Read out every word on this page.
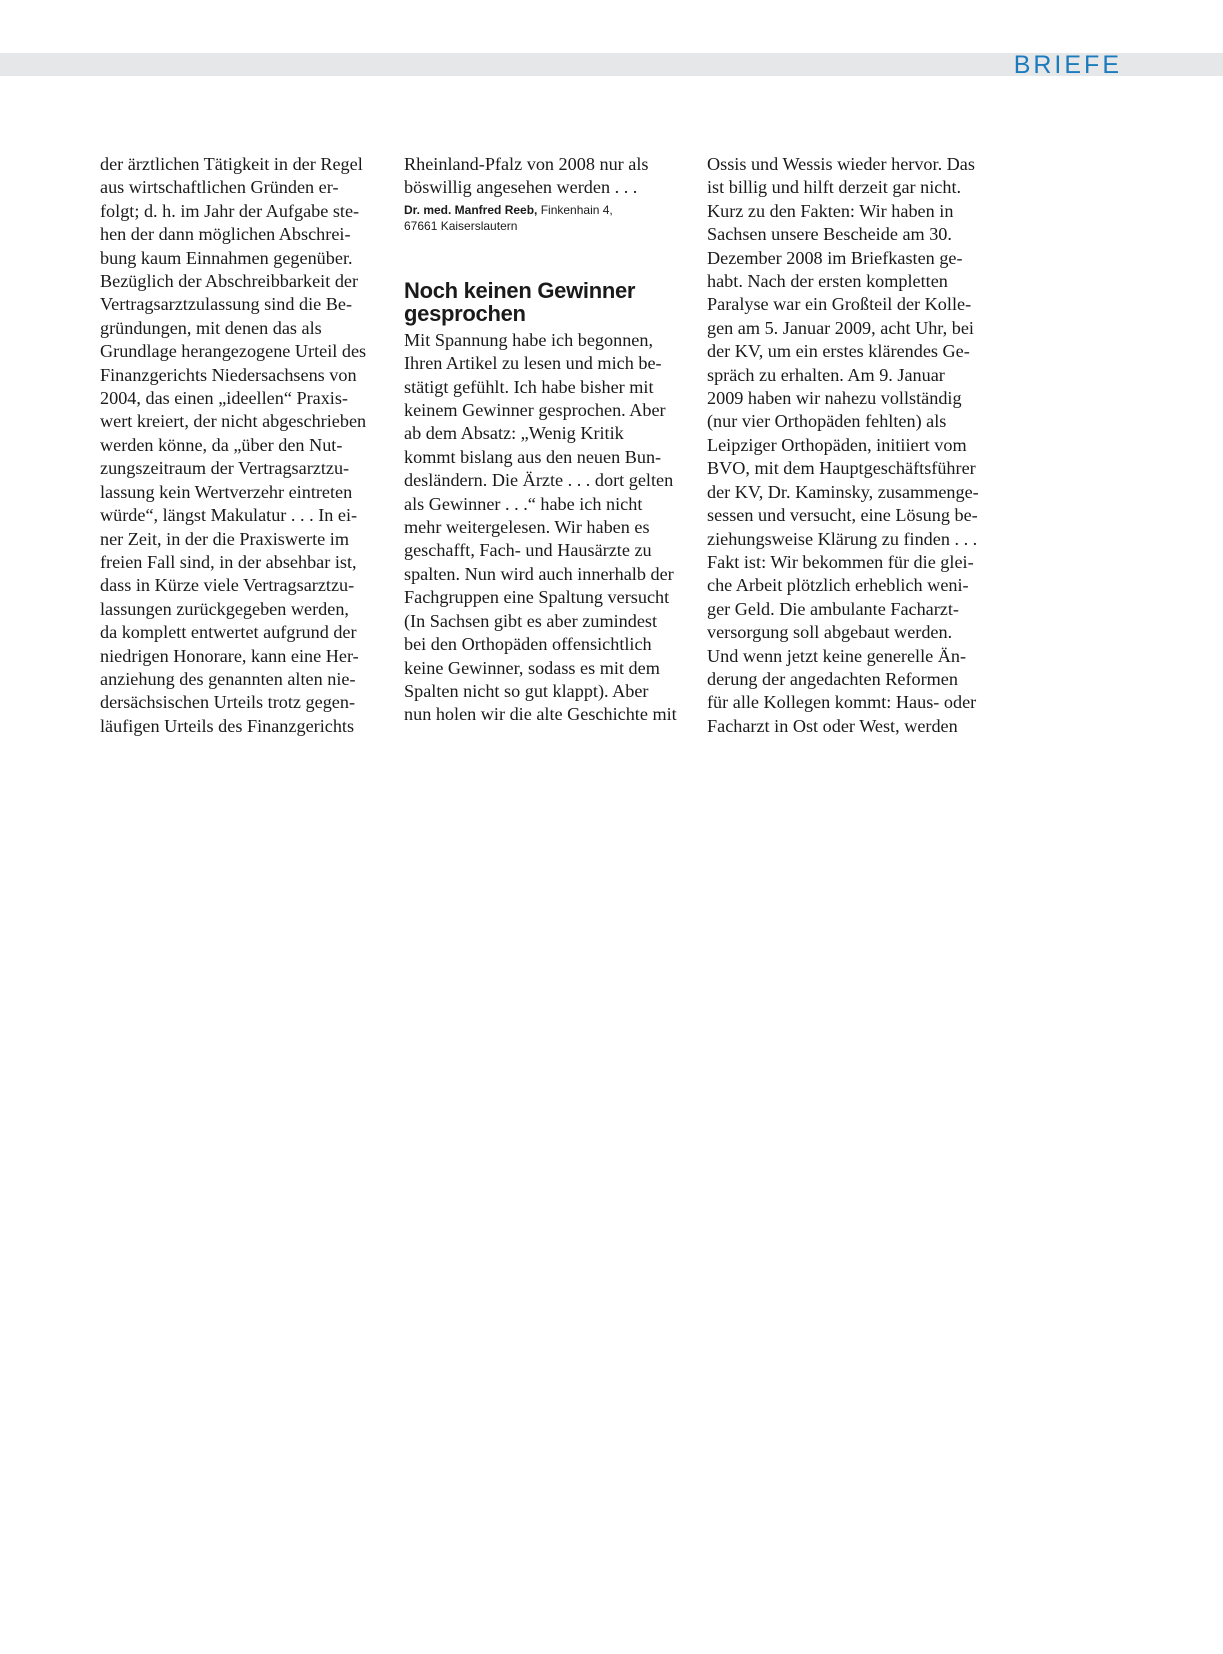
BRIEFE
der ärztlichen Tätigkeit in der Regel
aus wirtschaftlichen Gründen er-
folgt; d. h. im Jahr der Aufgabe ste-
hen der dann möglichen Abschrei-
bung kaum Einnahmen gegenüber.
Bezüglich der Abschreibbarkeit der
Vertragsarztzulassung sind die Be-
gründungen, mit denen das als
Grundlage herangezogene Urteil des
Finanzgerichts Niedersachsens von
2004, das einen „ideellen“ Praxis-
wert kreiert, der nicht abgeschrieben
werden könne, da „über den Nut-
zungszeitraum der Vertragsarztzu-
lassung kein Wertverzehr eintreten
würde“, längst Makulatur . . . In ei-
ner Zeit, in der die Praxiswerte im
freien Fall sind, in der absehbar ist,
dass in Kürze viele Vertragsarztzu-
lassungen zurückgegeben werden,
da komplett entwertet aufgrund der
niedrigen Honorare, kann eine Her-
anziehung des genannten alten nie-
dersächsischen Urteils trotz gegen-
läufigen Urteils des Finanzgerichts
Rheinland-Pfalz von 2008 nur als
böswillig angesehen werden . . .
Dr. med. Manfred Reeb, Finkenhain 4,
67661 Kaiserslautern
Noch keinen Gewinner
gesprochen
Mit Spannung habe ich begonnen,
Ihren Artikel zu lesen und mich be-
stätigt gefühlt. Ich habe bisher mit
keinem Gewinner gesprochen. Aber
ab dem Absatz: „Wenig Kritik
kommt bislang aus den neuen Bun-
desländern. Die Ärzte . . . dort gelten
als Gewinner . . .“ habe ich nicht
mehr weitergelesen. Wir haben es
geschafft, Fach- und Hausärzte zu
spalten. Nun wird auch innerhalb der
Fachgruppen eine Spaltung versucht
(In Sachsen gibt es aber zumindest
bei den Orthopäden offensichtlich
keine Gewinner, sodass es mit dem
Spalten nicht so gut klappt). Aber
nun holen wir die alte Geschichte mit
Ossis und Wessis wieder hervor. Das
ist billig und hilft derzeit gar nicht.
Kurz zu den Fakten: Wir haben in
Sachsen unsere Bescheide am 30.
Dezember 2008 im Briefkasten ge-
habt. Nach der ersten kompletten
Paralyse war ein Großteil der Kolle-
gen am 5. Januar 2009, acht Uhr, bei
der KV, um ein erstes klärendes Ge-
spräch zu erhalten. Am 9. Januar
2009 haben wir nahezu vollständig
(nur vier Orthopäden fehlten) als
Leipziger Orthopäden, initiiert vom
BVO, mit dem Hauptgeschäftsführer
der KV, Dr. Kaminsky, zusammenge-
sessen und versucht, eine Lösung be-
ziehungsweise Klärung zu finden . . .
Fakt ist: Wir bekommen für die glei-
che Arbeit plötzlich erheblich weni-
ger Geld. Die ambulante Facharzt-
versorgung soll abgebaut werden.
Und wenn jetzt keine generelle Än-
derung der angedachten Reformen
für alle Kollegen kommt: Haus- oder
Facharzt in Ost oder West, werden
